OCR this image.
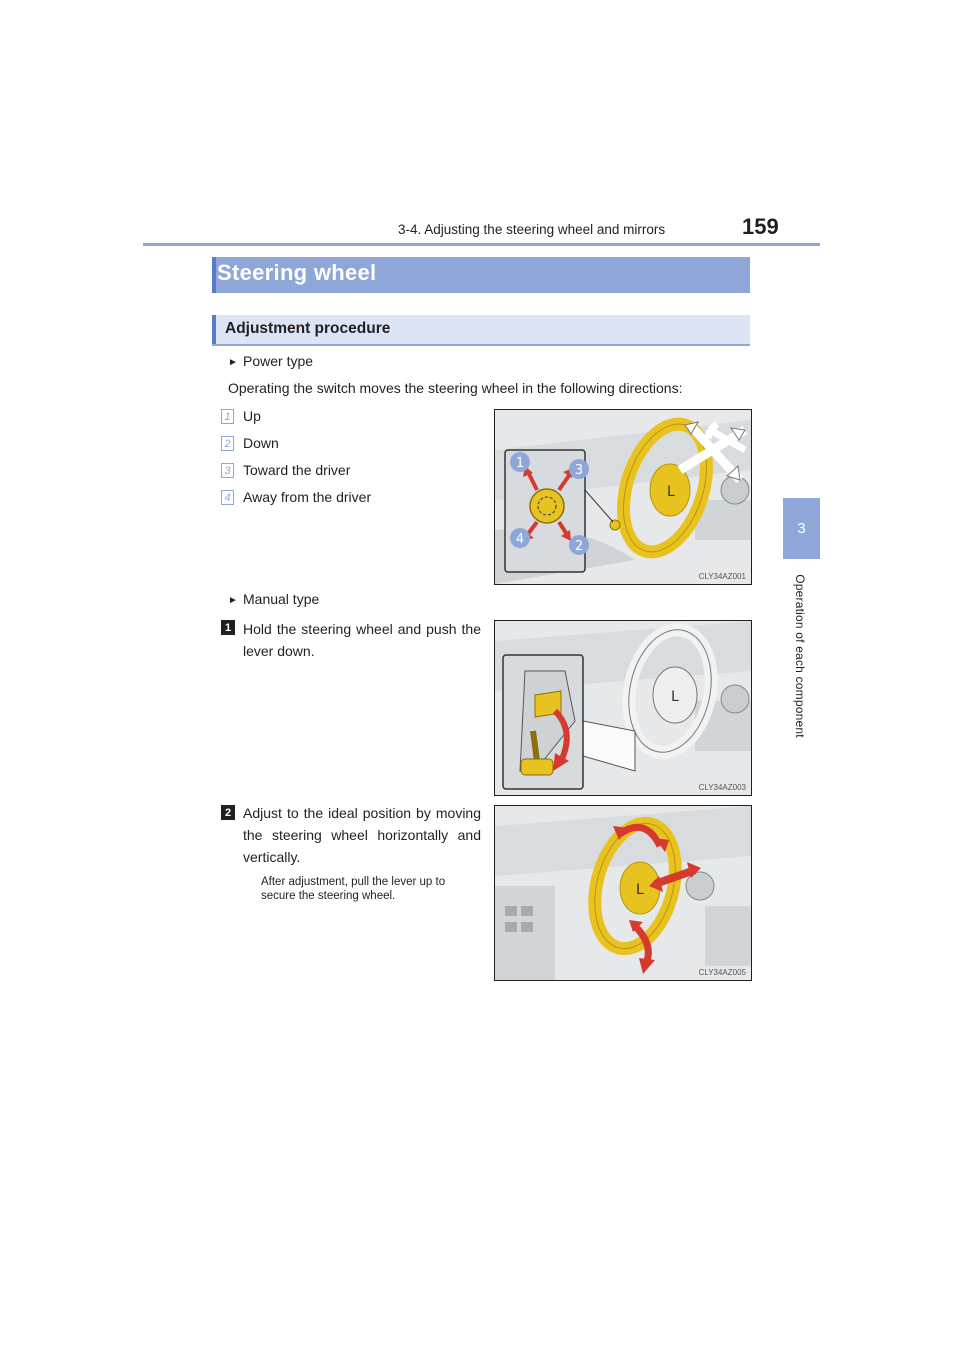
3-4. Adjusting the steering wheel and mirrors	159
3
Operation of each component
Steering wheel
Adjustment procedure
► Power type
Operating the switch moves the steering wheel in the following directions:
1 Up
2 Down
3 Toward the driver
4 Away from the driver	L
1	3
4	2
CLY34AZ001
► Manual type
1 Hold the steering wheel and push the lever down.
L
CLY34AZ003
2 Adjust to the ideal position by moving the steering wheel horizontally and vertically.
After adjustment, pull the lever up to secure the steering wheel.	L
CLY34AZ005
